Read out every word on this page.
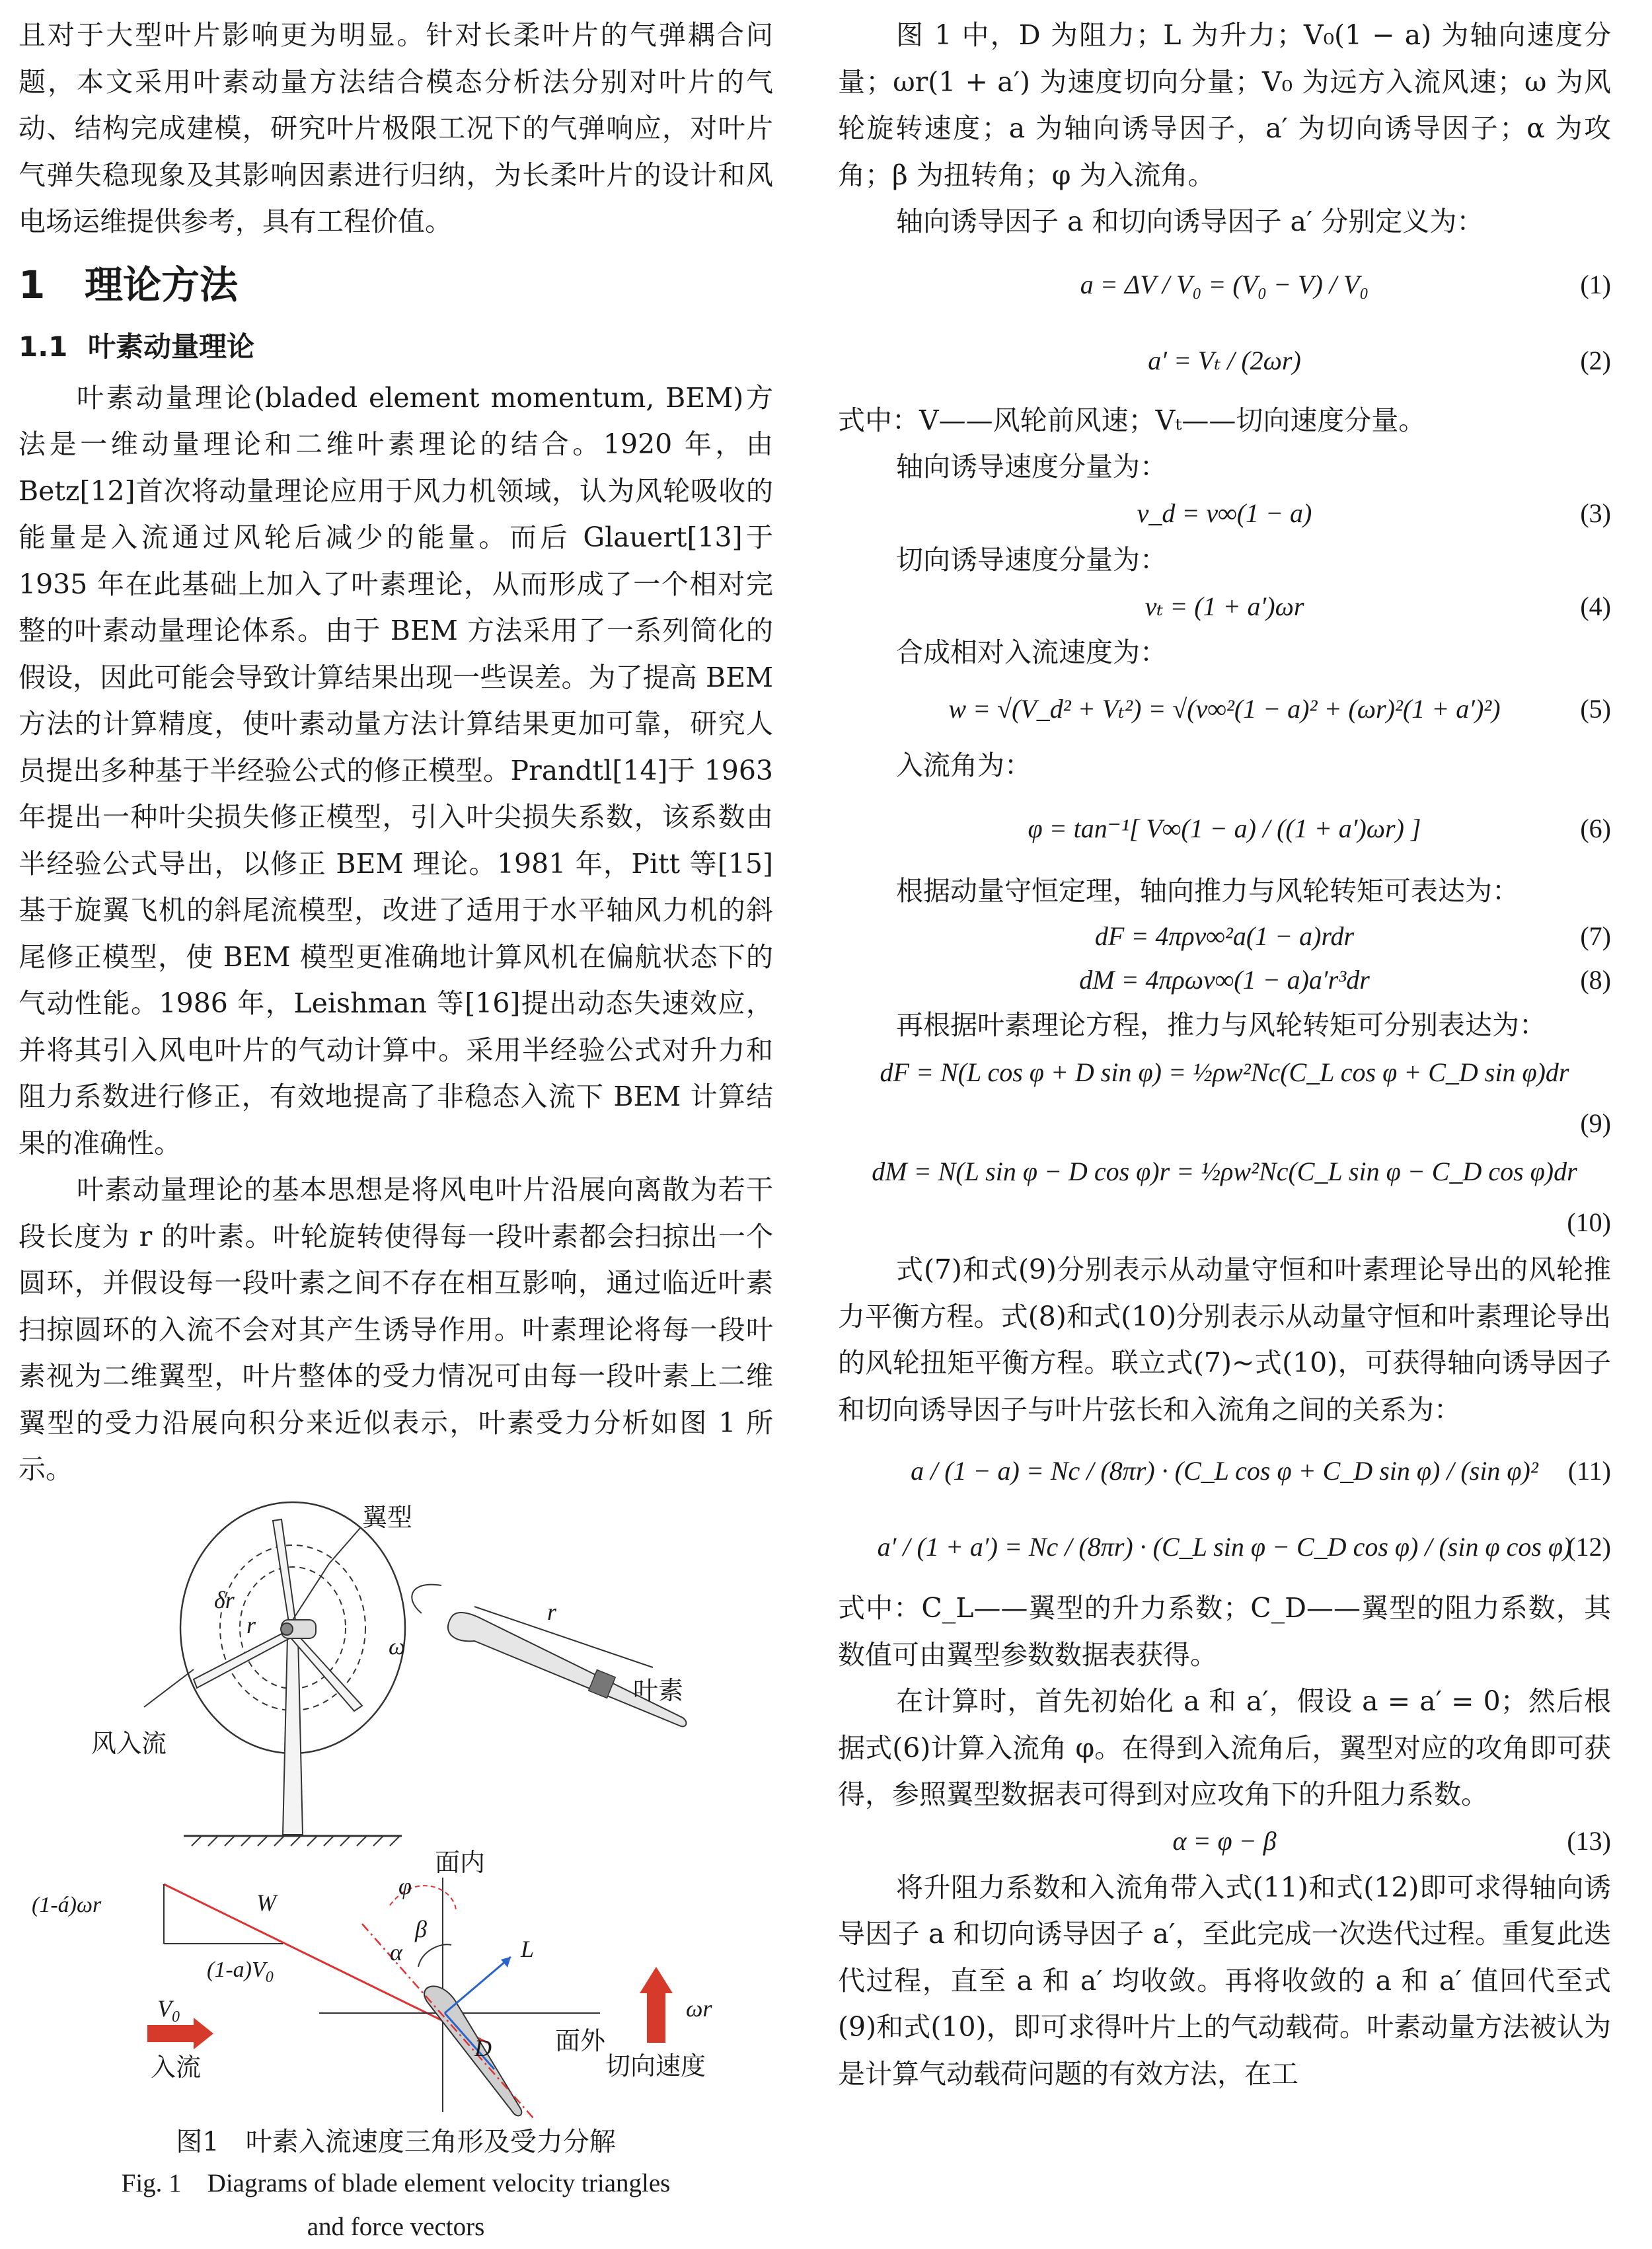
且对于大型叶片影响更为明显。针对长柔叶片的气弹耦合问题，本文采用叶素动量方法结合模态分析法分别对叶片的气动、结构完成建模，研究叶片极限工况下的气弹响应，对叶片气弹失稳现象及其影响因素进行归纳，为长柔叶片的设计和风电场运维提供参考，具有工程价值。

1 理论方法
1.1 叶素动量理论

叶素动量理论(bladed element momentum, BEM)方法是一维动量理论和二维叶素理论的结合。1920 年，由 Betz[12]首次将动量理论应用于风力机领域，认为风轮吸收的能量是入流通过风轮后减少的能量。而后 Glauert[13]于 1935 年在此基础上加入了叶素理论，从而形成了一个相对完整的叶素动量理论体系。由于 BEM 方法采用了一系列简化的假设，因此可能会导致计算结果出现一些误差。为了提高 BEM 方法的计算精度，使叶素动量方法计算结果更加可靠，研究人员提出多种基于半经验公式的修正模型。Prandtl[14]于 1963 年提出一种叶尖损失修正模型，引入叶尖损失系数，该系数由半经验公式导出，以修正 BEM 理论。1981 年，Pitt 等[15]基于旋翼飞机的斜尾流模型，改进了适用于水平轴风力机的斜尾修正模型，使 BEM 模型更准确地计算风机在偏航状态下的气动性能。1986 年，Leishman 等[16]提出动态失速效应，并将其引入风电叶片的气动计算中。采用半经验公式对升力和阻力系数进行修正，有效地提高了非稳态入流下 BEM 计算结果的准确性。

叶素动量理论的基本思想是将风电叶片沿展向离散为若干段长度为 r 的叶素。叶轮旋转使得每一段叶素都会扫掠出一个圆环，并假设每一段叶素之间不存在相互影响，通过临近叶素扫掠圆环的入流不会对其产生诱导作用。叶素理论将每一段叶素视为二维翼型，叶片整体的受力情况可由每一段叶素上二维翼型的受力沿展向积分来近似表示，叶素受力分析如图 1 所示。

翼型
δr
r
风入流
ω
r
叶素
(1-á)ωr	W
$(1-a)V_0$
面内
面外
φ
β
α	L
D
$V_0$
入流
ωr
切向速度
图1　叶素入流速度三角形及受力分解
Fig. 1　Diagrams of blade element velocity triangles
and force vectors

图 1 中，D 为阻力；L 为升力；V₀(1 − a) 为轴向速度分量；ωr(1 + a′) 为速度切向分量；V₀ 为远方入流风速；ω 为风轮旋转速度；a 为轴向诱导因子，a′ 为切向诱导因子；α 为攻角；β 为扭转角；φ 为入流角。

轴向诱导因子 a 和切向诱导因子 a′ 分别定义为：

a = ΔV / V₀ = (V₀ − V) / V₀	(1)
a′ = Vₜ / (2ωr)	(2)

式中：V——风轮前风速；Vₜ——切向速度分量。

轴向诱导速度分量为：

v_d = v∞(1 − a)	(3)

切向诱导速度分量为：

vₜ = (1 + a′)ωr	(4)

合成相对入流速度为：

w = √(V_d² + Vₜ²) = √(v∞²(1 − a)² + (ωr)²(1 + a′)²)	(5)

入流角为：

φ = tan⁻¹[ V∞(1 − a) / ((1 + a′)ωr) ]	(6)

根据动量守恒定理，轴向推力与风轮转矩可表达为：

dF = 4πρv∞²a(1 − a)rdr	(7)
dM = 4πρωv∞(1 − a)a′r³dr	(8)

再根据叶素理论方程，推力与风轮转矩可分别表达为：

dF = N(L cos φ + D sin φ) = ½ρw²Nc(C_L cos φ + C_D sin φ)dr
(9)
dM = N(L sin φ − D cos φ)r = ½ρw²Nc(C_L sin φ − C_D cos φ)dr
(10)

式(7)和式(9)分别表示从动量守恒和叶素理论导出的风轮推力平衡方程。式(8)和式(10)分别表示从动量守恒和叶素理论导出的风轮扭矩平衡方程。联立式(7)~式(10)，可获得轴向诱导因子和切向诱导因子与叶片弦长和入流角之间的关系为：

a / (1 − a) = Nc / (8πr) · (C_L cos φ + C_D sin φ) / (sin φ)² (11)
a′ / (1 + a′) = Nc / (8πr) · (C_L sin φ − C_D cos φ) / (sin φ cos φ)
(12)

式中：C_L——翼型的升力系数；C_D——翼型的阻力系数，其数值可由翼型参数数据表获得。

在计算时，首先初始化 a 和 a′，假设 a = a′ = 0；然后根据式(6)计算入流角 φ。在得到入流角后，翼型对应的攻角即可获得，参照翼型数据表可得到对应攻角下的升阻力系数。

α = φ − β	(13)

将升阻力系数和入流角带入式(11)和式(12)即可求得轴向诱导因子 a 和切向诱导因子 a′，至此完成一次迭代过程。重复此迭代过程，直至 a 和 a′ 均收敛。再将收敛的 a 和 a′ 值回代至式(9)和式(10)，即可求得叶片上的气动载荷。叶素动量方法被认为是计算气动载荷问题的有效方法，在工
